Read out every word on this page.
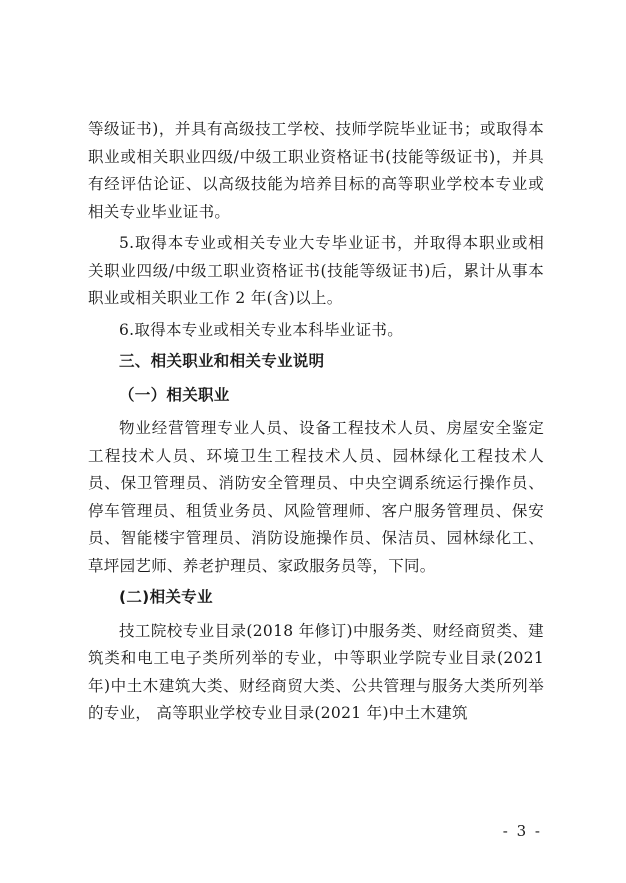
等级证书)，并具有高级技工学校、技师学院毕业证书；或取得本职业或相关职业四级/中级工职业资格证书(技能等级证书)，并具有经评估论证、以高级技能为培养目标的高等职业学校本专业或相关专业毕业证书。

5.取得本专业或相关专业大专毕业证书，并取得本职业或相关职业四级/中级工职业资格证书(技能等级证书)后，累计从事本职业或相关职业工作 2 年(含)以上。

6.取得本专业或相关专业本科毕业证书。

三、相关职业和相关专业说明
（一）相关职业

物业经营管理专业人员、设备工程技术人员、房屋安全鉴定工程技术人员、环境卫生工程技术人员、园林绿化工程技术人员、保卫管理员、消防安全管理员、中央空调系统运行操作员、停车管理员、租赁业务员、风险管理师、客户服务管理员、保安员、智能楼宇管理员、消防设施操作员、保洁员、园林绿化工、草坪园艺师、养老护理员、家政服务员等，下同。

(二)相关专业

技工院校专业目录(2018 年修订)中服务类、财经商贸类、建筑类和电工电子类所列举的专业，中等职业学院专业目录(2021 年)中土木建筑大类、财经商贸大类、公共管理与服务大类所列举的专业， 高等职业学校专业目录(2021 年)中土木建筑

- 3 -
